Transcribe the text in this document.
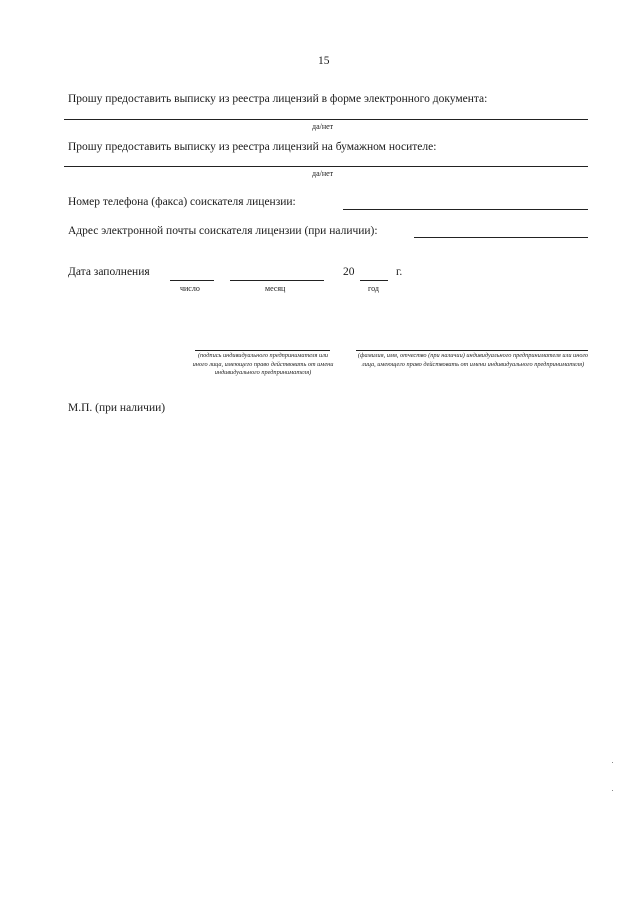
15
Прошу предоставить выписку из реестра лицензий в форме электронного документа:
да/нет
Прошу предоставить выписку из реестра лицензий на бумажном носителе:
да/нет
Номер телефона (факса) соискателя лицензии:
Адрес электронной почты соискателя лицензии (при наличии):
Дата заполнения	20	г.
число	месяц	год
(подпись индивидуального предпринимателя или иного лица, имеющего право действовать от имени индивидуального предпринимателя)
(фамилия, имя, отчество (при наличии) индивидуального предпринимателя или иного лица, имеющего право действовать от имени индивидуального предпринимателя)
М.П. (при наличии)
